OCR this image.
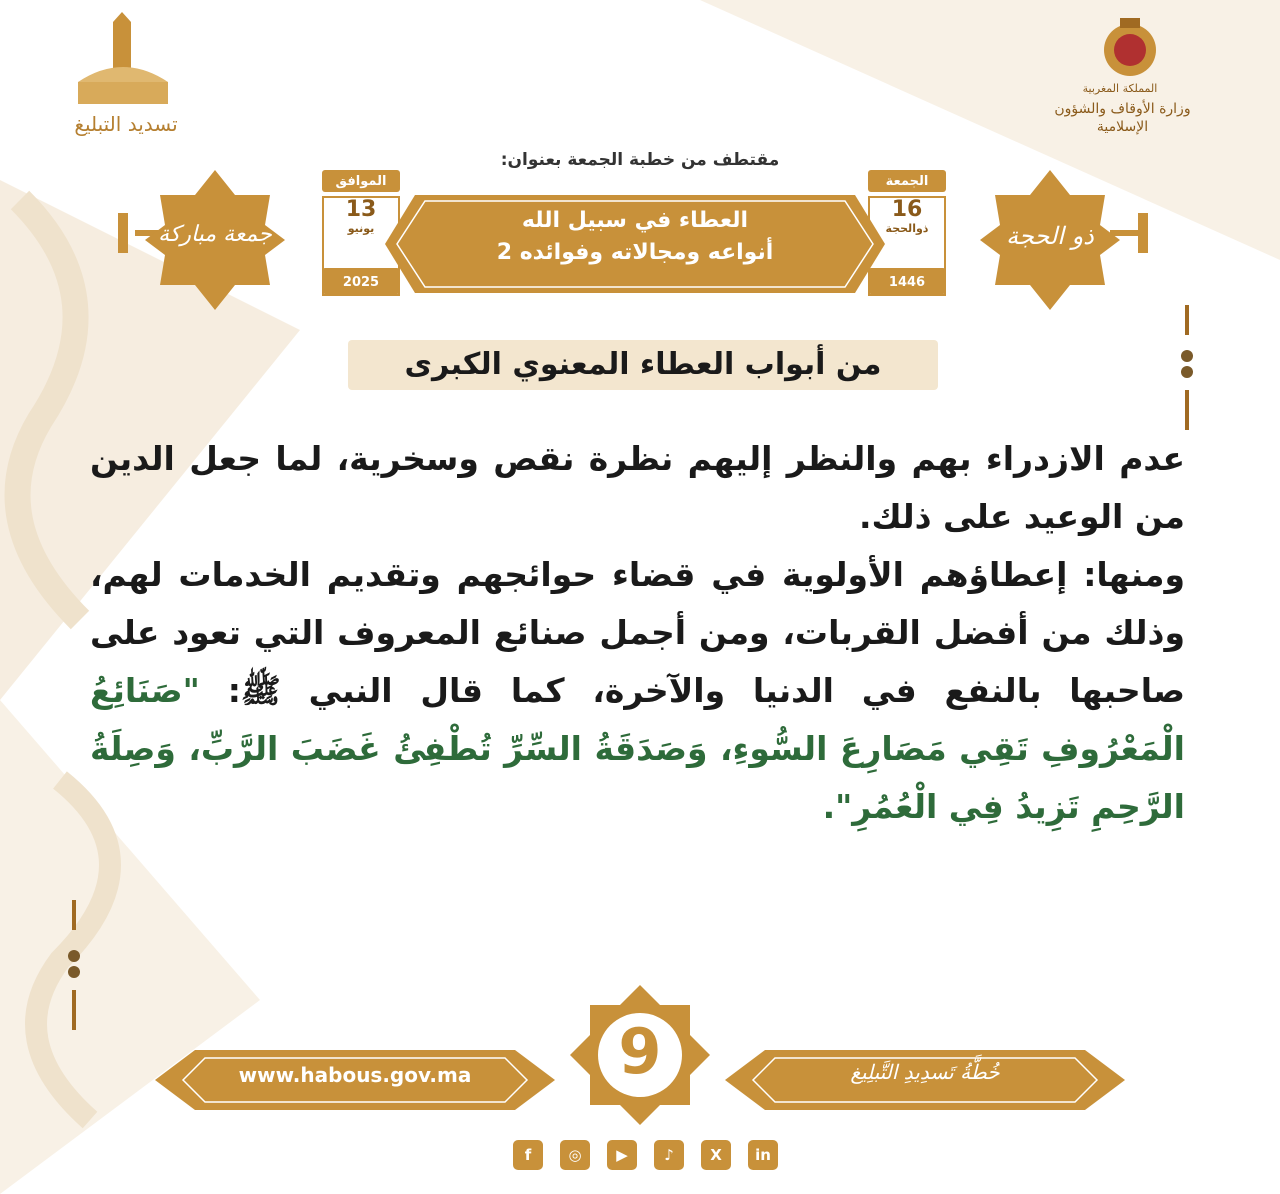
تسديد التبليغ
المملكة المغربية
وزارة الأوقاف والشؤون الإسلامية
مقتطف من خطبة الجمعة بعنوان:
جمعة مباركة	ذو الحجة
الموافق
13
يونيو
2025
الجمعة
16
ذوالحجة
1446
العطاء في سبيل الله
أنواعه ومجالاته وفوائده 2
من أبواب العطاء المعنوي الكبرى
عدم الازدراء بهم والنظر إليهم نظرة نقص وسخرية، لما جعل الدين من الوعيد على ذلك.
ومنها: إعطاؤهم الأولوية في قضاء حوائجهم وتقديم الخدمات لهم، وذلك من أفضل القربات، ومن أجمل صنائع المعروف التي تعود على صاحبها بالنفع في الدنيا والآخرة، كما قال النبي ﷺ: "صَنَائِعُ الْمَعْرُوفِ تَقِي مَصَارِعَ السُّوءِ، وَصَدَقَةُ السِّرِّ تُطْفِئُ غَضَبَ الرَّبِّ، وَصِلَةُ الرَّحِمِ تَزِيدُ فِي الْعُمُرِ".
www.habous.gov.ma	9	خُطَّةُ تَسدِيدِ التَّبلِيغ
f	◎	▶	♪	X	in
